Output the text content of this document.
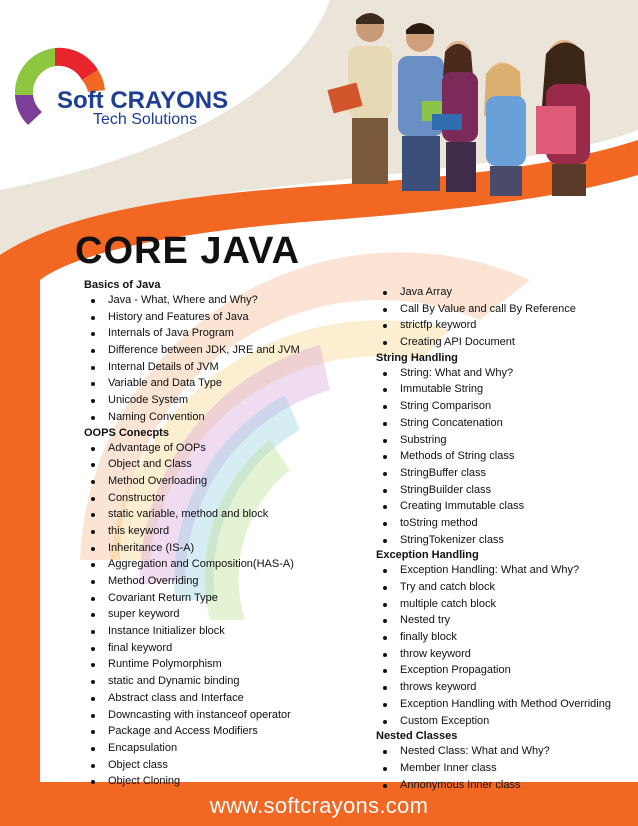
Soft CRAYONS
Tech Solutions
CORE JAVA
Basics of Java
Java - What, Where and Why?
History and Features of Java
Internals of Java Program
Difference between JDK, JRE and JVM
Internal Details of JVM
Variable and Data Type
Unicode System
Naming Convention
OOPS Conecpts
Advantage of OOPs
Object and Class
Method Overloading
Constructor
static variable, method and block
this keyword
Inheritance (IS-A)
Aggregation and Composition(HAS-A)
Method Overriding
Covariant Return Type
super keyword
Instance Initializer block
final keyword
Runtime Polymorphism
static and Dynamic binding
Abstract class and Interface
Downcasting with instanceof operator
Package and Access Modifiers
Encapsulation
Object class
Object Cloning
Java Array
Call By Value and call By Reference
strictfp keyword
Creating API Document
String Handling
String: What and Why?
Immutable String
String Comparison
String Concatenation
Substring
Methods of String class
StringBuffer class
StringBuilder class
Creating Immutable class
toString method
StringTokenizer class
Exception Handling
Exception Handling: What and Why?
Try and catch block
multiple catch block
Nested try
finally block
throw keyword
Exception Propagation
throws keyword
Exception Handling with Method Overriding
Custom Exception
Nested Classes
Nested Class: What and Why?
Member Inner class
Annonymous Inner class
www.softcrayons.com
